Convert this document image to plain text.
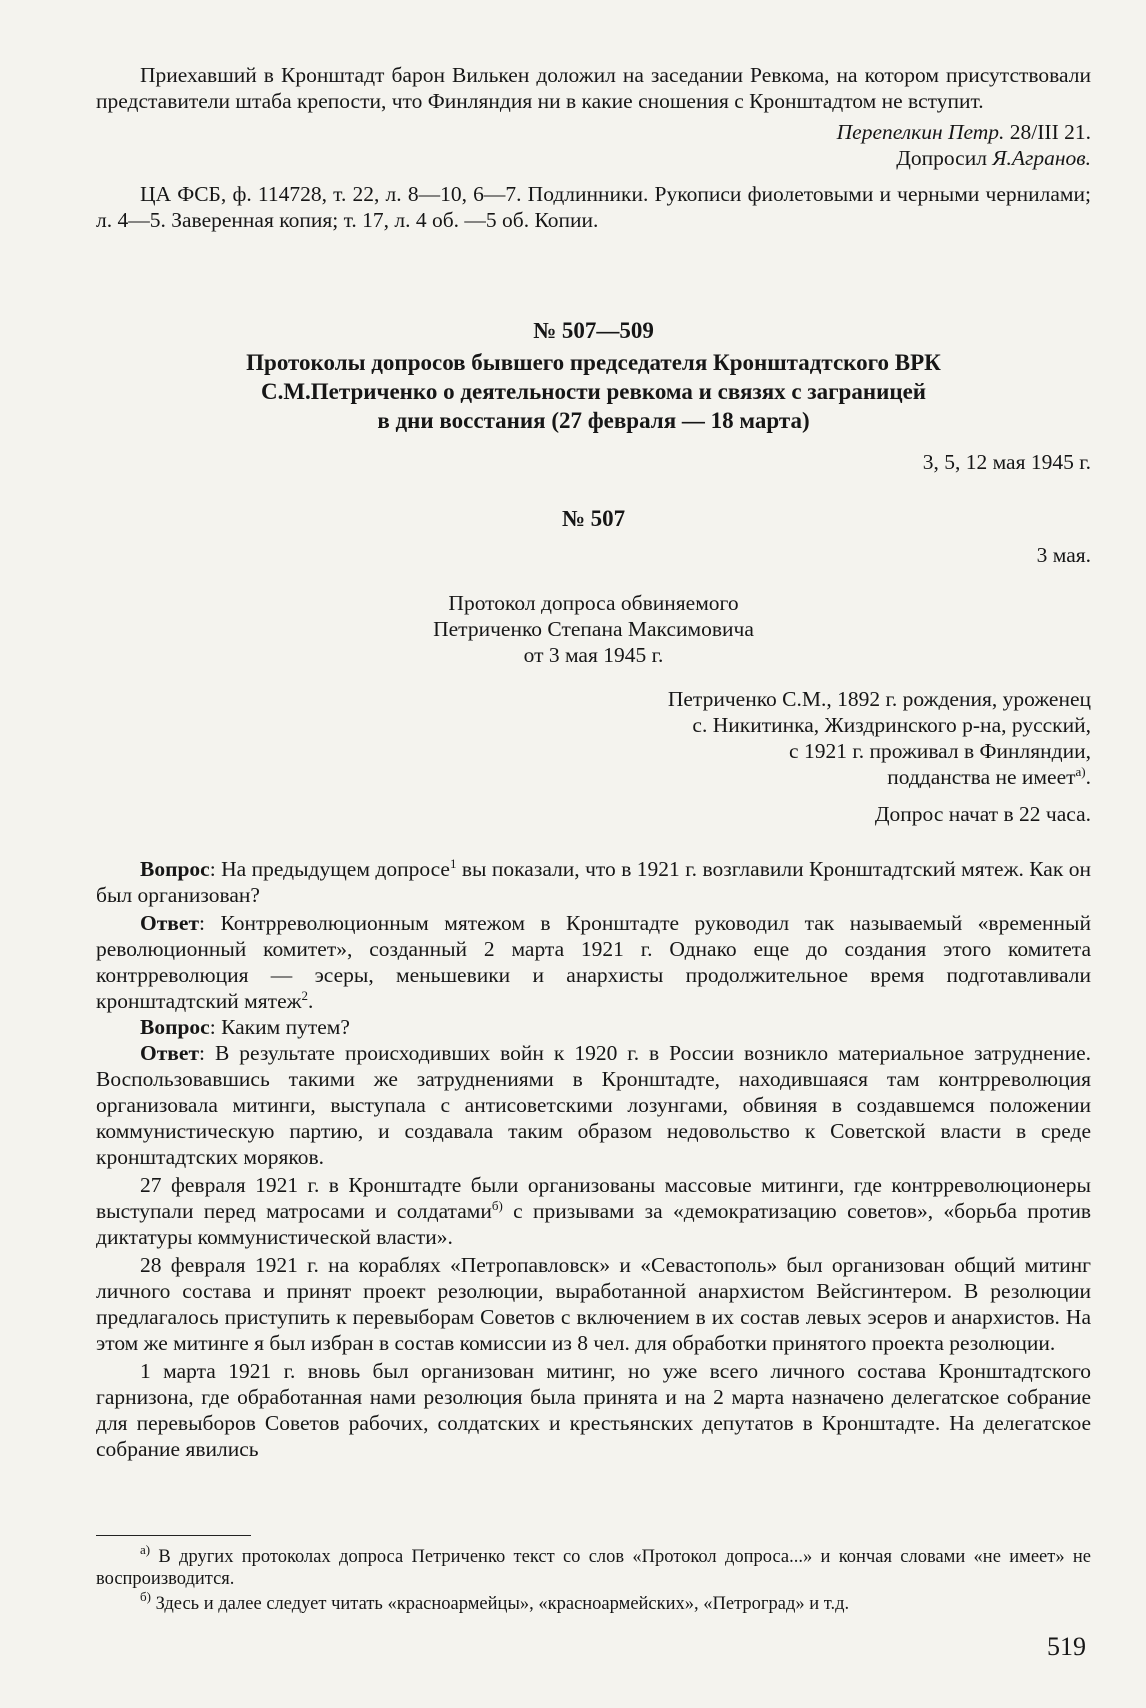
Приехавший в Кронштадт барон Вилькен доложил на заседании Ревкома, на котором присутствовали представители штаба крепости, что Финляндия ни в какие сношения с Кронштадтом не вступит.

Перепелкин Петр. 28/III 21.

Допросил Я.Агранов.

ЦА ФСБ, ф. 114728, т. 22, л. 8—10, 6—7. Подлинники. Рукописи фиолетовыми и черными чернилами; л. 4—5. Заверенная копия; т. 17, л. 4 об. —5 об. Копии.

№ 507—509

Протоколы допросов бывшего председателя Кронштадтского ВРК

С.М.Петриченко о деятельности ревкома и связях с заграницей

в дни восстания (27 февраля — 18 марта)

3, 5, 12 мая 1945 г.

№ 507

3 мая.

Протокол допроса обвиняемого

Петриченко Степана Максимовича

от 3 мая 1945 г.

Петриченко С.М., 1892 г. рождения, уроженец

с. Никитинка, Жиздринского р-на, русский,

с 1921 г. проживал в Финляндии,

подданства не имеет$^{а)}$.

Допрос начат в 22 часа.

Вопрос: На предыдущем допросе$^1$ вы показали, что в 1921 г. возглавили Кронштадтский мятеж. Как он был организован?

Ответ: Контрреволюционным мятежом в Кронштадте руководил так называемый «временный революционный комитет», созданный 2 марта 1921 г. Однако еще до создания этого комитета контрреволюция — эсеры, меньшевики и анархисты продолжительное время подготавливали кронштадтский мятеж$^2$.

Вопрос: Каким путем?

Ответ: В результате происходивших войн к 1920 г. в России возникло материальное затруднение. Воспользовавшись такими же затруднениями в Кронштадте, находившаяся там контрреволюция организовала митинги, выступала с антисоветскими лозунгами, обвиняя в создавшемся положении коммунистическую партию, и создавала таким образом недовольство к Советской власти в среде кронштадтских моряков.

27 февраля 1921 г. в Кронштадте были организованы массовые митинги, где контрреволюционеры выступали перед матросами и солдатами$^{б)}$ с призывами за «демократизацию советов», «борьба против диктатуры коммунистической власти».

28 февраля 1921 г. на кораблях «Петропавловск» и «Севастополь» был организован общий митинг личного состава и принят проект резолюции, выработанной анархистом Вейсгинтером. В резолюции предлагалось приступить к перевыборам Советов с включением в их состав левых эсеров и анархистов. На этом же митинге я был избран в состав комиссии из 8 чел. для обработки принятого проекта резолюции.

1 марта 1921 г. вновь был организован митинг, но уже всего личного состава Кронштадтского гарнизона, где обработанная нами резолюция была принята и на 2 марта назначено делегатское собрание для перевыборов Советов рабочих, солдатских и крестьянских депутатов в Кронштадте. На делегатское собрание явились

$^{а)}$ В других протоколах допроса Петриченко текст со слов «Протокол допроса...» и кончая словами «не имеет» не воспроизводится.

$^{б)}$ Здесь и далее следует читать «красноармейцы», «красноармейских», «Петроград» и т.д.

519
